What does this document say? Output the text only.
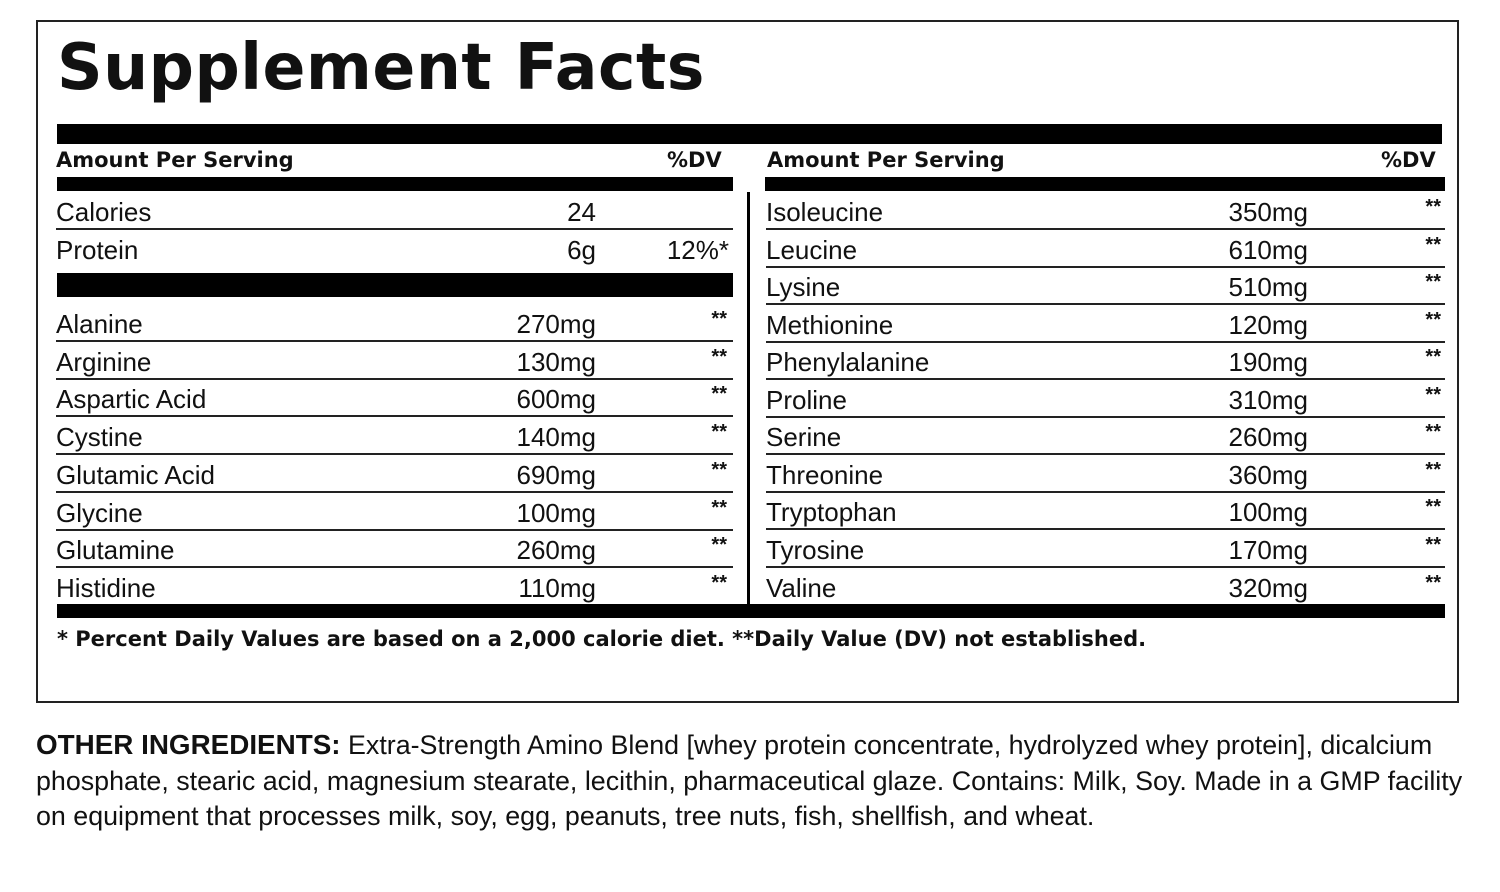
Supplement Facts
Amount Per Serving	%DV Amount Per Serving	%DV
Calories	24
Protein	6g	12%*
Alanine	270mg	**
Arginine	130mg	**
Aspartic Acid	600mg	**
Cystine	140mg	**
Glutamic Acid	690mg	**
Glycine	100mg	**
Glutamine	260mg	**
Histidine	110mg	**
Isoleucine	350mg	**
Leucine	610mg	**
Lysine	510mg	**
Methionine	120mg	**
Phenylalanine	190mg	**
Proline	310mg	**
Serine	260mg	**
Threonine	360mg	**
Tryptophan	100mg	**
Tyrosine	170mg	**
Valine	320mg	**
* Percent Daily Values are based on a 2,000 calorie diet. **Daily Value (DV) not established.

OTHER INGREDIENTS: Extra-Strength Amino Blend [whey protein concentrate, hydrolyzed whey protein], dicalcium

phosphate, stearic acid, magnesium stearate, lecithin, pharmaceutical glaze. Contains: Milk, Soy. Made in a GMP facility

on equipment that processes milk, soy, egg, peanuts, tree nuts, fish, shellfish, and wheat.
